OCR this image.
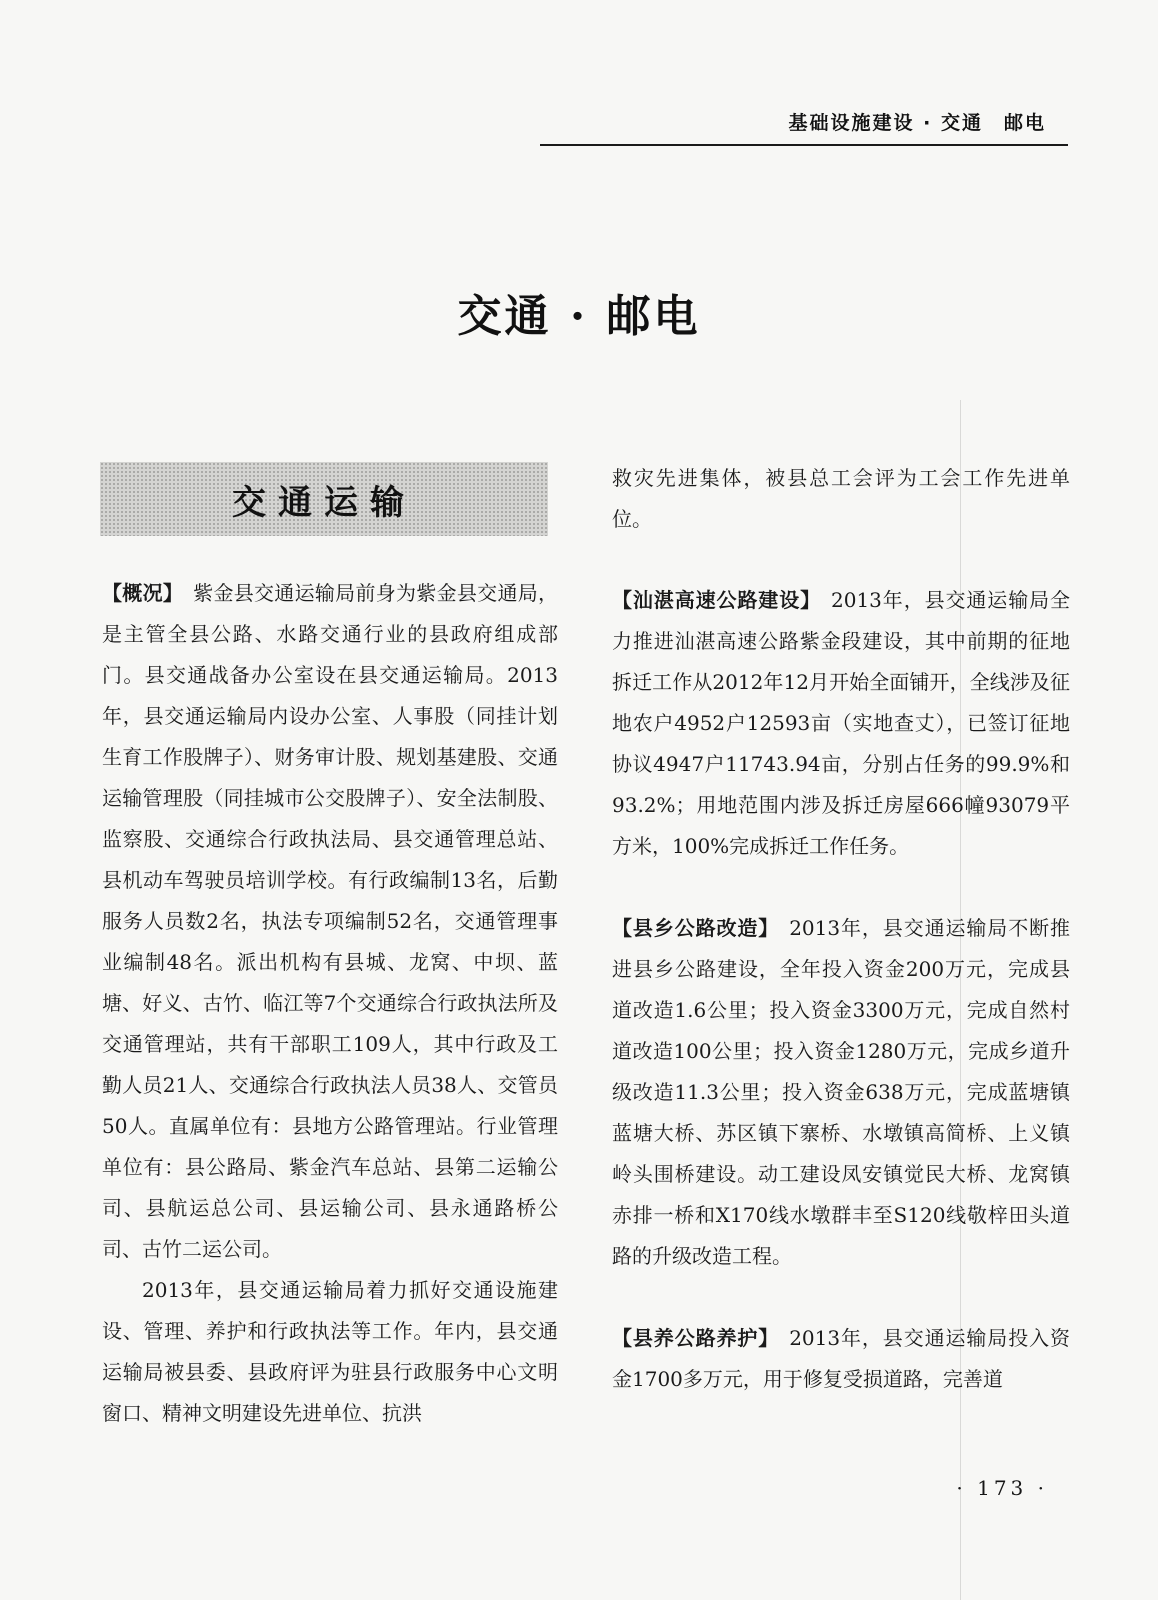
基础设施建设 · 交通　邮电
交通 · 邮电
交通运输

【概况】 紫金县交通运输局前身为紫金县交通局，是主管全县公路、水路交通行业的县政府组成部门。县交通战备办公室设在县交通运输局。2013年，县交通运输局内设办公室、人事股（同挂计划生育工作股牌子）、财务审计股、规划基建股、交通运输管理股（同挂城市公交股牌子）、安全法制股、监察股、交通综合行政执法局、县交通管理总站、县机动车驾驶员培训学校。有行政编制13名，后勤服务人员数2名，执法专项编制52名，交通管理事业编制48名。派出机构有县城、龙窝、中坝、蓝塘、好义、古竹、临江等7个交通综合行政执法所及交通管理站，共有干部职工109人，其中行政及工勤人员21人、交通综合行政执法人员38人、交管员50人。直属单位有：县地方公路管理站。行业管理单位有：县公路局、紫金汽车总站、县第二运输公司、县航运总公司、县运输公司、县永通路桥公司、古竹二运公司。

2013年，县交通运输局着力抓好交通设施建设、管理、养护和行政执法等工作。年内，县交通运输局被县委、县政府评为驻县行政服务中心文明窗口、精神文明建设先进单位、抗洪

救灾先进集体，被县总工会评为工会工作先进单位。

【汕湛高速公路建设】 2013年，县交通运输局全力推进汕湛高速公路紫金段建设，其中前期的征地拆迁工作从2012年12月开始全面铺开，全线涉及征地农户4952户12593亩（实地查丈），已签订征地协议4947户11743.94亩，分别占任务的99.9%和93.2%；用地范围内涉及拆迁房屋666幢93079平方米，100%完成拆迁工作任务。

【县乡公路改造】 2013年，县交通运输局不断推进县乡公路建设，全年投入资金200万元，完成县道改造1.6公里；投入资金3300万元，完成自然村道改造100公里；投入资金1280万元，完成乡道升级改造11.3公里；投入资金638万元，完成蓝塘镇蓝塘大桥、苏区镇下寨桥、水墩镇高简桥、上义镇岭头围桥建设。动工建设凤安镇觉民大桥、龙窝镇赤排一桥和X170线水墩群丰至S120线敬梓田头道路的升级改造工程。

【县养公路养护】 2013年，县交通运输局投入资金1700多万元，用于修复受损道路，完善道

· 173 ·
